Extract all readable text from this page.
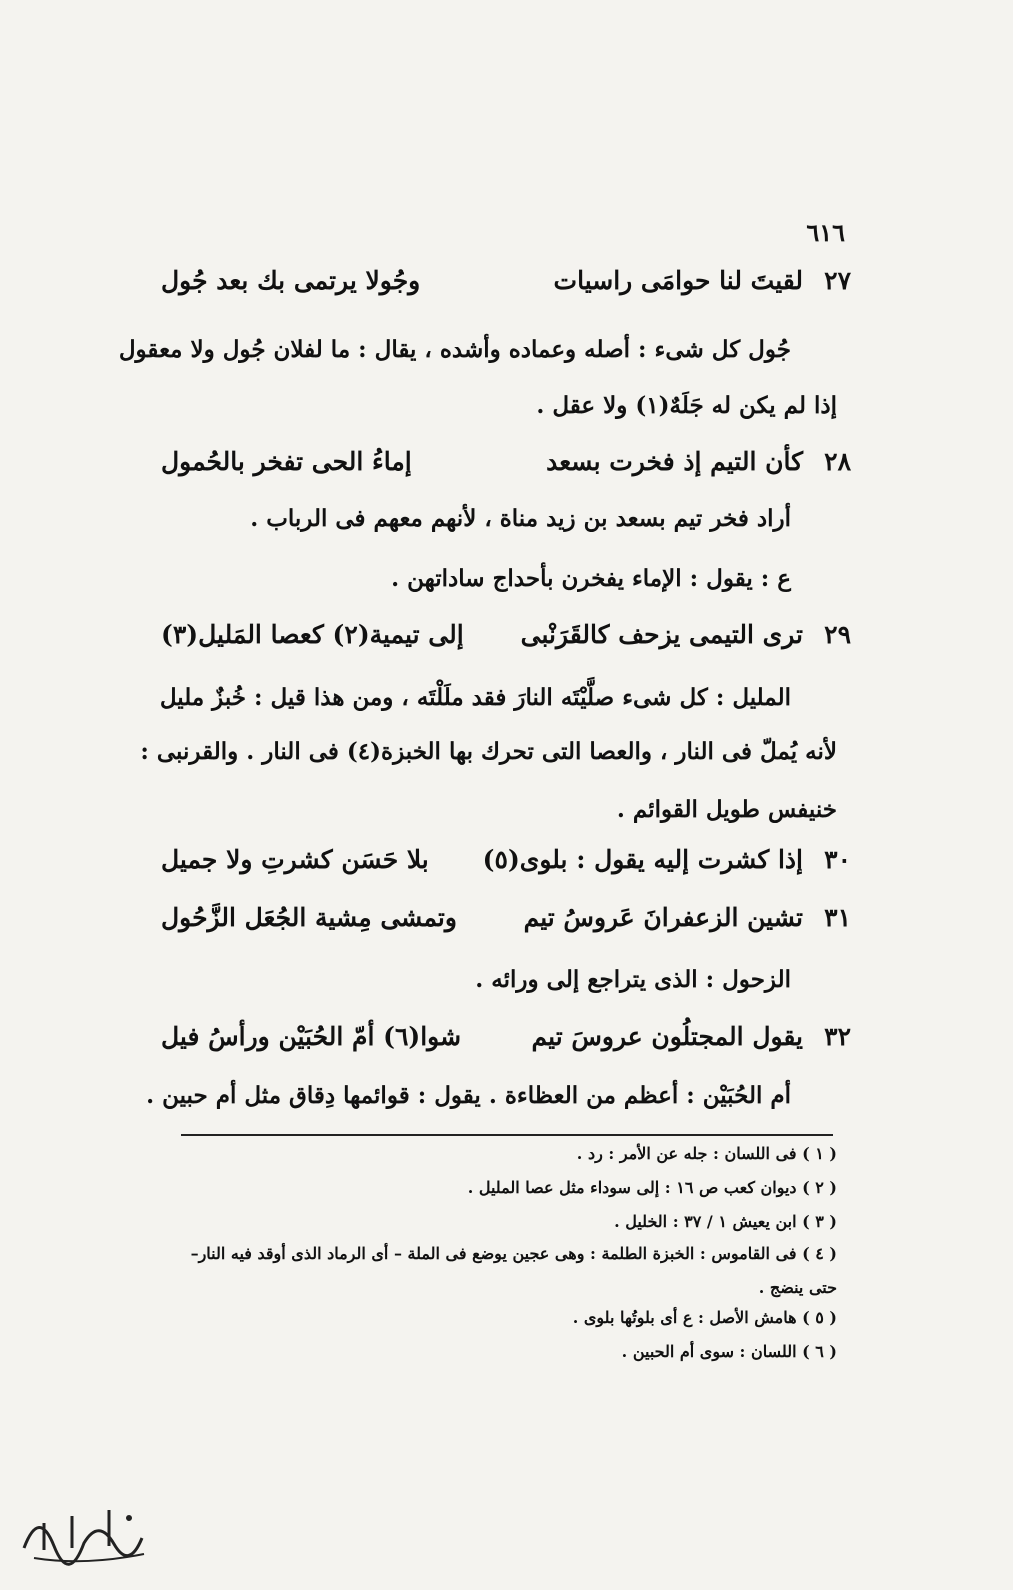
٦١٦
٢٧
لقيتَ لنا حوامَى راسيات
وجُولا يرتمى بك بعد جُول
جُول كل شىء : أصله وعماده وأشده ، يقال : ما لفلان جُول ولا معقول
إذا لم يكن له جَلَهٌ(١) ولا عقل .
٢٨
كأن التيم إذ فخرت بسعد
إماءُ الحى تفخر بالحُمول
أراد فخر تيم بسعد بن زيد مناة ، لأنهم معهم فى الرباب .
ع : يقول : الإماء يفخرن بأحداج ساداتهن .
٢٩
ترى التيمى يزحف كالقَرَنْبى
إلى تيمية(٢) كعصا المَليل(٣)
المليل : كل شىء صلَّيْتَه النارَ فقد ملَلْتَه ، ومن هذا قيل : خُبزٌ مليل
لأنه يُملّ فى النار ، والعصا التى تحرك بها الخبزة(٤) فى النار . والقرنبى :
خنيفس طويل القوائم .
٣٠
إذا كشرت إليه يقول : بلوى(٥)
بلا حَسَن كشرتِ ولا جميل
٣١
تشين الزعفرانَ عَروسُ تيم
وتمشى مِشية الجُعَل الزَّحُول
الزحول : الذى يتراجع إلى ورائه .
٣٢
يقول المجتلُون عروسَ تيم
شوا(٦) أمّ الحُبَيْن ورأسُ فيل
أم الحُبَيْن : أعظم من العظاءة . يقول : قوائمها دِقاق مثل أم حبين .
( ١ ) فى اللسان : جله عن الأمر : رد .
( ٢ ) ديوان كعب ص ١٦ : إلى سوداء مثل عصا المليل .
( ٣ ) ابن يعيش ١ / ٣٧ : الخليل .
( ٤ ) فى القاموس : الخبزة الطلمة : وهى عجين يوضع فى الملة – أى الرماد الذى أوقد فيه النار–
حتى ينضج .
( ٥ ) هامش الأصل : ع أى بلوتُها بلوى .
( ٦ ) اللسان : سوى أم الحبين .
